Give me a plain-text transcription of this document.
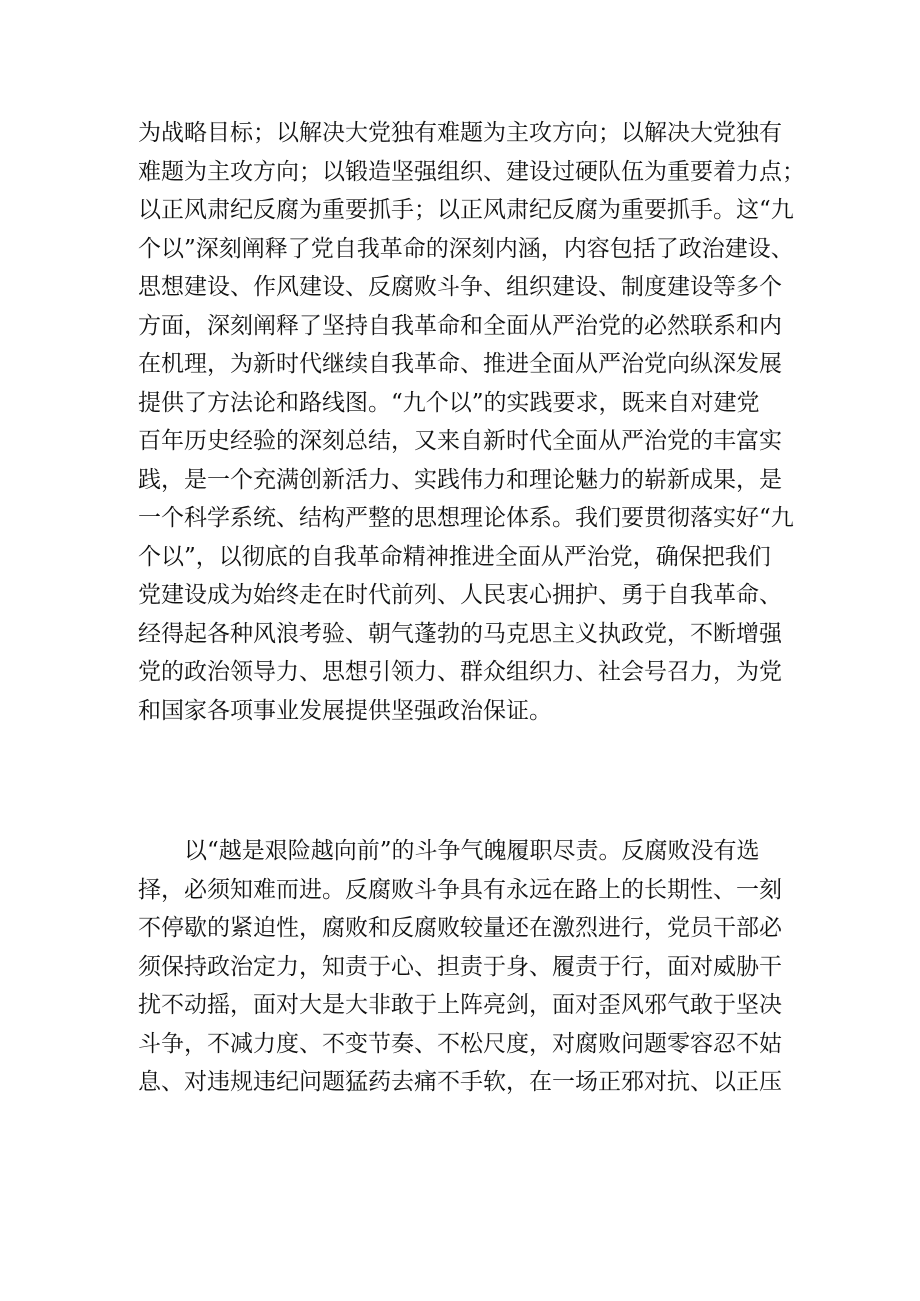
为战略目标；以解决大党独有难题为主攻方向；以解决大党独有
难题为主攻方向；以锻造坚强组织、建设过硬队伍为重要着力点；
以正风肃纪反腐为重要抓手；以正风肃纪反腐为重要抓手。这“九
个以”深刻阐释了党自我革命的深刻内涵，内容包括了政治建设、
思想建设、作风建设、反腐败斗争、组织建设、制度建设等多个
方面，深刻阐释了坚持自我革命和全面从严治党的必然联系和内
在机理，为新时代继续自我革命、推进全面从严治党向纵深发展
提供了方法论和路线图。“九个以”的实践要求，既来自对建党
百年历史经验的深刻总结，又来自新时代全面从严治党的丰富实
践，是一个充满创新活力、实践伟力和理论魅力的崭新成果，是
一个科学系统、结构严整的思想理论体系。我们要贯彻落实好“九
个以”，以彻底的自我革命精神推进全面从严治党，确保把我们
党建设成为始终走在时代前列、人民衷心拥护、勇于自我革命、
经得起各种风浪考验、朝气蓬勃的马克思主义执政党，不断增强
党的政治领导力、思想引领力、群众组织力、社会号召力，为党
和国家各项事业发展提供坚强政治保证。

以“越是艰险越向前”的斗争气魄履职尽责。反腐败没有选
择，必须知难而进。反腐败斗争具有永远在路上的长期性、一刻
不停歇的紧迫性，腐败和反腐败较量还在激烈进行，党员干部必
须保持政治定力，知责于心、担责于身、履责于行，面对威胁干
扰不动摇，面对大是大非敢于上阵亮剑，面对歪风邪气敢于坚决
斗争，不减力度、不变节奏、不松尺度，对腐败问题零容忍不姑
息、对违规违纪问题猛药去痛不手软，在一场正邪对抗、以正压
